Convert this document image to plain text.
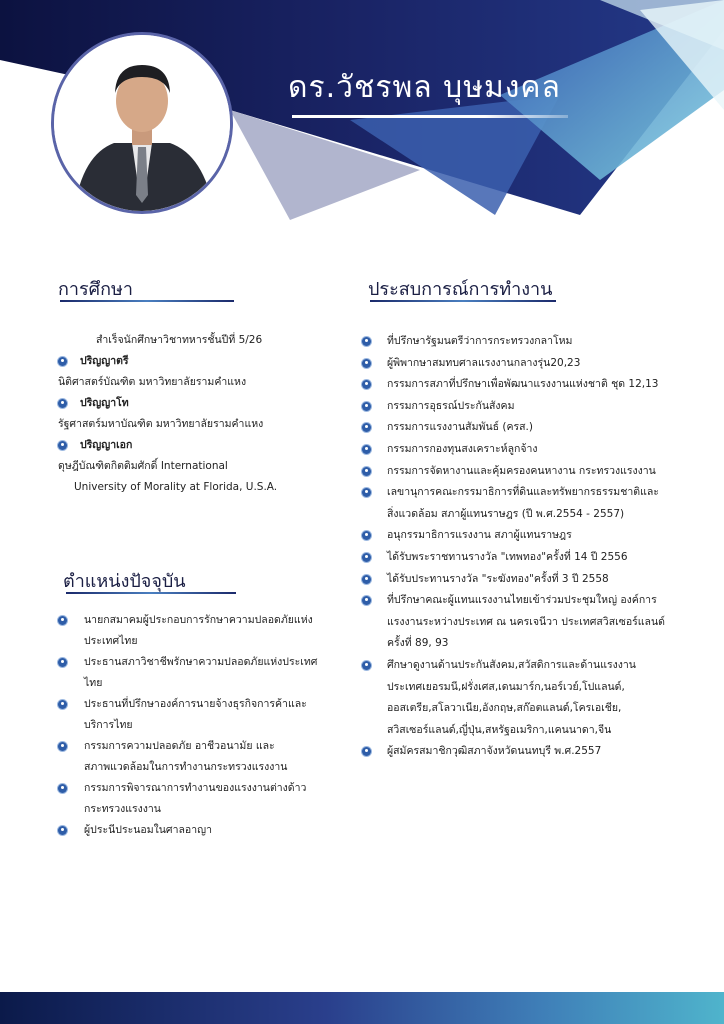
ดร.วัชรพล บุษมงคล
การศึกษา
สำเร็จนักศึกษาวิชาทหารชั้นปีที่ 5/26
ปริญญาตรี
นิติศาสตร์บัณฑิต มหาวิทยาลัยรามคำแหง
ปริญญาโท
รัฐศาสตร์มหาบัณฑิต มหาวิทยาลัยรามคำแหง
ปริญญาเอก
ดุษฎีบัณฑิตกิตติมศักดิ์ International
University of Morality at Florida, U.S.A.
ตำแหน่งปัจจุบัน
นายกสมาคมผู้ประกอบการรักษาความปลอดภัยแห่ง
ประเทศไทย
ประธานสภาวิชาชีพรักษาความปลอดภัยแห่งประเทศ
ไทย
ประธานที่ปรึกษาองค์การนายจ้างธุรกิจการค้าและ
บริการไทย
กรรมการความปลอดภัย อาชีวอนามัย และ
สภาพแวดล้อมในการทำงานกระทรวงแรงงาน
กรรมการพิจารณาการทำงานของแรงงานต่างด้าว
กระทรวงแรงงาน
ผู้ประนีประนอมในศาลอาญา
ประสบการณ์การทำงาน
ที่ปรึกษารัฐมนตรีว่าการกระทรวงกลาโหม
ผู้พิพากษาสมทบศาลแรงงานกลางรุ่น20,23
กรรมการสภาที่ปรึกษาเพื่อพัฒนาแรงงานแห่งชาติ ชุด 12,13
กรรมการอุธรณ์ประกันสังคม
กรรมการแรงงานสัมพันธ์ (ครส.)
กรรมการกองทุนสงเคราะห์ลูกจ้าง
กรรมการจัดหางานและคุ้มครองคนหางาน กระทรวงแรงงาน
เลขานุการคณะกรรมาธิการที่ดินและทรัพยากรธรรมชาติและ
สิ่งแวดล้อม สภาผู้แทนราษฎร (ปี พ.ศ.2554 - 2557)
อนุกรรมาธิการแรงงาน สภาผู้แทนราษฎร
ได้รับพระราชทานรางวัล "เทพทอง"ครั้งที่ 14 ปี 2556
ได้รับประทานรางวัล "ระฆังทอง"ครั้งที่ 3 ปี 2558
ที่ปรึกษาคณะผู้แทนแรงงานไทยเข้าร่วมประชุมใหญ่ องค์การ
แรงงานระหว่างประเทศ ณ นครเจนีวา ประเทศสวิสเซอร์แลนด์
ครั้งที่ 89, 93
ศึกษาดูงานด้านประกันสังคม,สวัสดิการและด้านแรงงาน
ประเทศเยอรมนี,ฝรั่งเศส,เดนมาร์ก,นอร์เวย์,โปแลนด์,
ออสเตรีย,สโลวาเนีย,อังกฤษ,สก๊อตแลนด์,โครเอเชีย,
สวิสเซอร์แลนด์,ญี่ปุ่น,สหรัฐอเมริกา,แคนนาดา,จีน
ผู้สมัครสมาชิกวุฒิสภาจังหวัดนนทบุรี พ.ศ.2557
